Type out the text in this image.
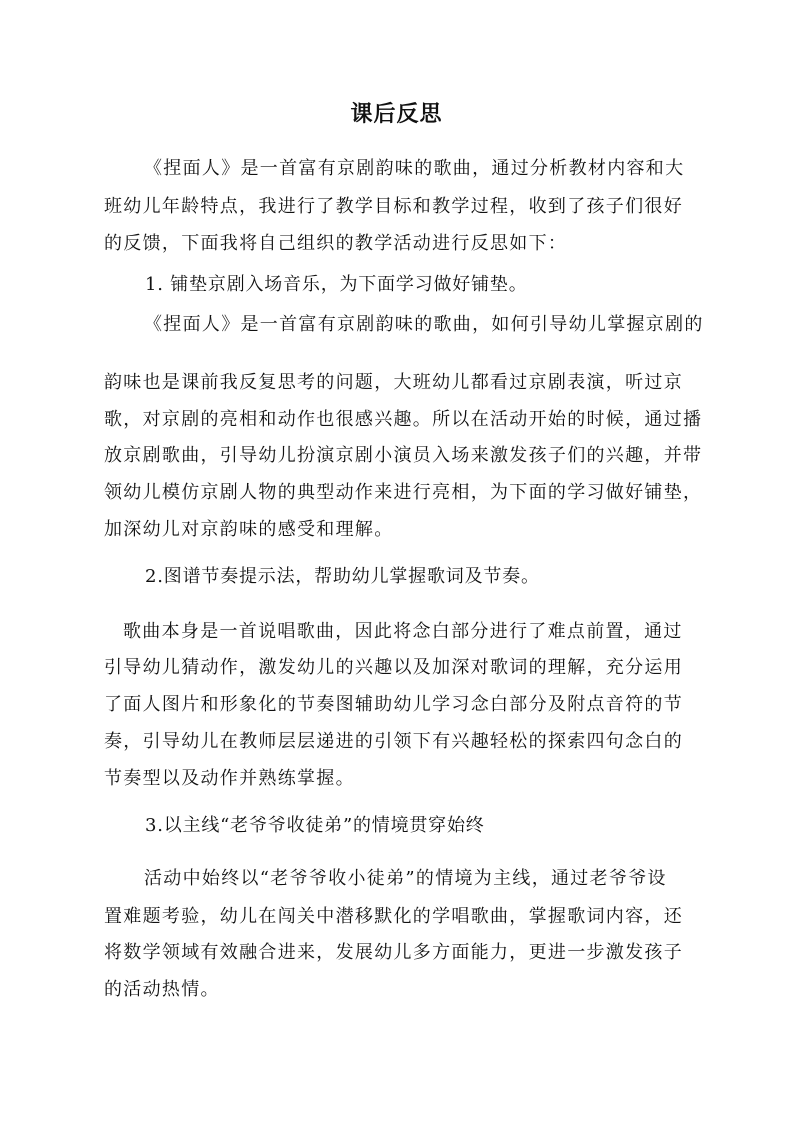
课后反思
《捏面人》是一首富有京剧韵味的歌曲，通过分析教材内容和大
班幼儿年龄特点，我进行了教学目标和教学过程，收到了孩子们很好
的反馈，下面我将自己组织的教学活动进行反思如下：
1. 铺垫京剧入场音乐，为下面学习做好铺垫。
《捏面人》是一首富有京剧韵味的歌曲，如何引导幼儿掌握京剧的
韵味也是课前我反复思考的问题，大班幼儿都看过京剧表演，听过京
歌，对京剧的亮相和动作也很感兴趣。所以在活动开始的时候，通过播
放京剧歌曲，引导幼儿扮演京剧小演员入场来激发孩子们的兴趣，并带
领幼儿模仿京剧人物的典型动作来进行亮相，为下面的学习做好铺垫，
加深幼儿对京韵味的感受和理解。
2.图谱节奏提示法，帮助幼儿掌握歌词及节奏。
歌曲本身是一首说唱歌曲，因此将念白部分进行了难点前置，通过
引导幼儿猜动作，激发幼儿的兴趣以及加深对歌词的理解，充分运用
了面人图片和形象化的节奏图辅助幼儿学习念白部分及附点音符的节
奏，引导幼儿在教师层层递进的引领下有兴趣轻松的探索四句念白的
节奏型以及动作并熟练掌握。
3.以主线“老爷爷收徒弟”的情境贯穿始终
活动中始终以“老爷爷收小徒弟”的情境为主线，通过老爷爷设
置难题考验，幼儿在闯关中潜移默化的学唱歌曲，掌握歌词内容，还
将数学领域有效融合进来，发展幼儿多方面能力，更进一步激发孩子
的活动热情。
